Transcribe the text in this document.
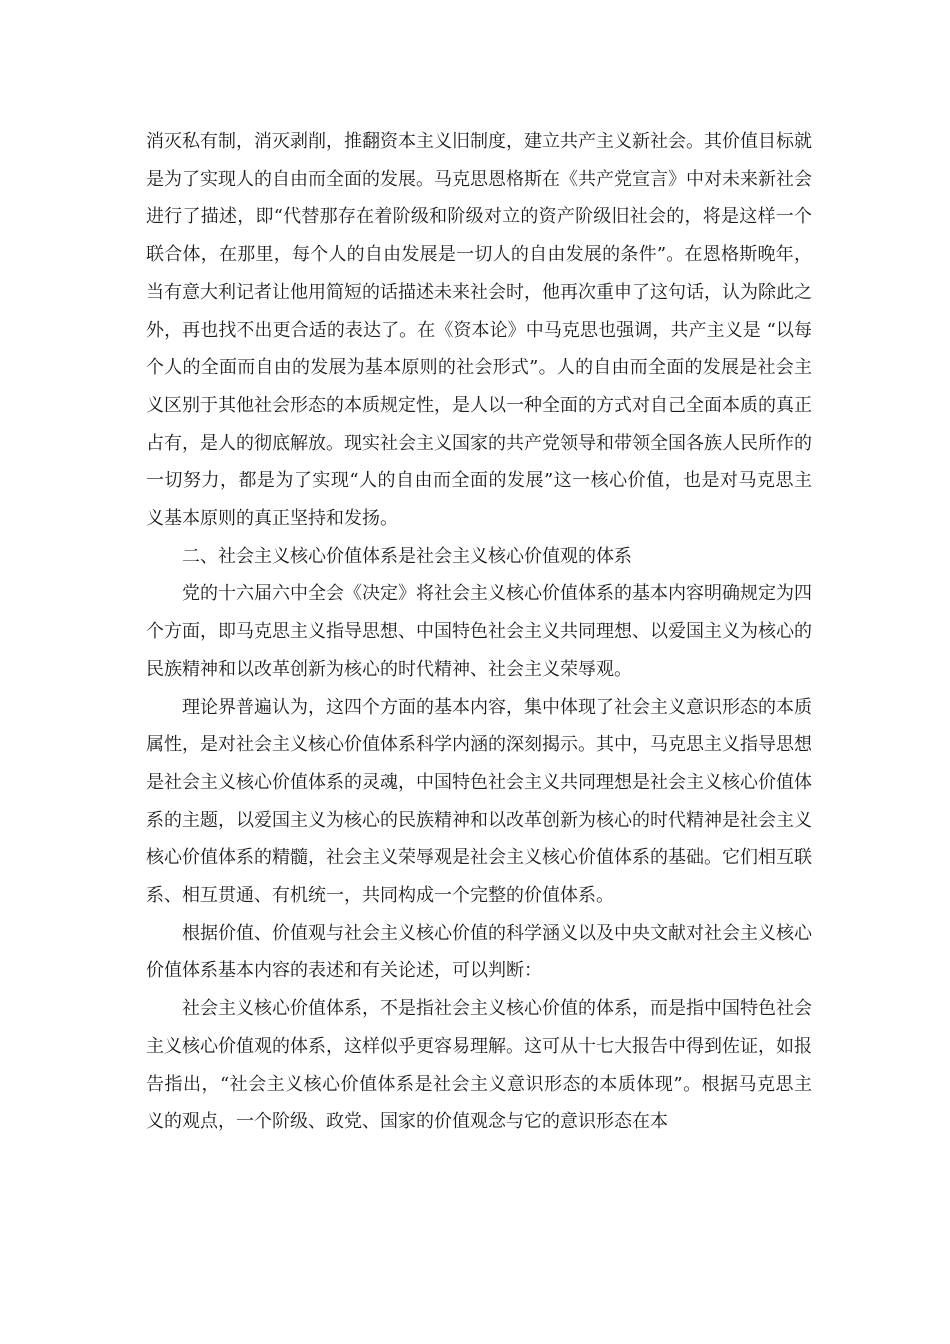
消灭私有制，消灭剥削，推翻资本主义旧制度，建立共产主义新社会。其价值目标就是为了实现人的自由而全面的发展。马克思恩格斯在《共产党宣言》中对未来新社会进行了描述，即“代替那存在着阶级和阶级对立的资产阶级旧社会的，将是这样一个联合体，在那里，每个人的自由发展是一切人的自由发展的条件”。在恩格斯晚年，当有意大利记者让他用简短的话描述未来社会时，他再次重申了这句话，认为除此之外，再也找不出更合适的表达了。在《资本论》中马克思也强调，共产主义是 “以每个人的全面而自由的发展为基本原则的社会形式”。人的自由而全面的发展是社会主义区别于其他社会形态的本质规定性，是人以一种全面的方式对自己全面本质的真正占有，是人的彻底解放。现实社会主义国家的共产党领导和带领全国各族人民所作的一切努力，都是为了实现“人的自由而全面的发展”这一核心价值，也是对马克思主义基本原则的真正坚持和发扬。

二、社会主义核心价值体系是社会主义核心价值观的体系

党的十六届六中全会《决定》将社会主义核心价值体系的基本内容明确规定为四个方面，即马克思主义指导思想、中国特色社会主义共同理想、以爱国主义为核心的民族精神和以改革创新为核心的时代精神、社会主义荣辱观。

理论界普遍认为，这四个方面的基本内容，集中体现了社会主义意识形态的本质属性，是对社会主义核心价值体系科学内涵的深刻揭示。其中，马克思主义指导思想是社会主义核心价值体系的灵魂，中国特色社会主义共同理想是社会主义核心价值体系的主题，以爱国主义为核心的民族精神和以改革创新为核心的时代精神是社会主义核心价值体系的精髓，社会主义荣辱观是社会主义核心价值体系的基础。它们相互联系、相互贯通、有机统一，共同构成一个完整的价值体系。

根据价值、价值观与社会主义核心价值的科学涵义以及中央文献对社会主义核心价值体系基本内容的表述和有关论述，可以判断：

社会主义核心价值体系，不是指社会主义核心价值的体系，而是指中国特色社会主义核心价值观的体系，这样似乎更容易理解。这可从十七大报告中得到佐证，如报告指出，“社会主义核心价值体系是社会主义意识形态的本质体现”。根据马克思主义的观点，一个阶级、政党、国家的价值观念与它的意识形态在本
